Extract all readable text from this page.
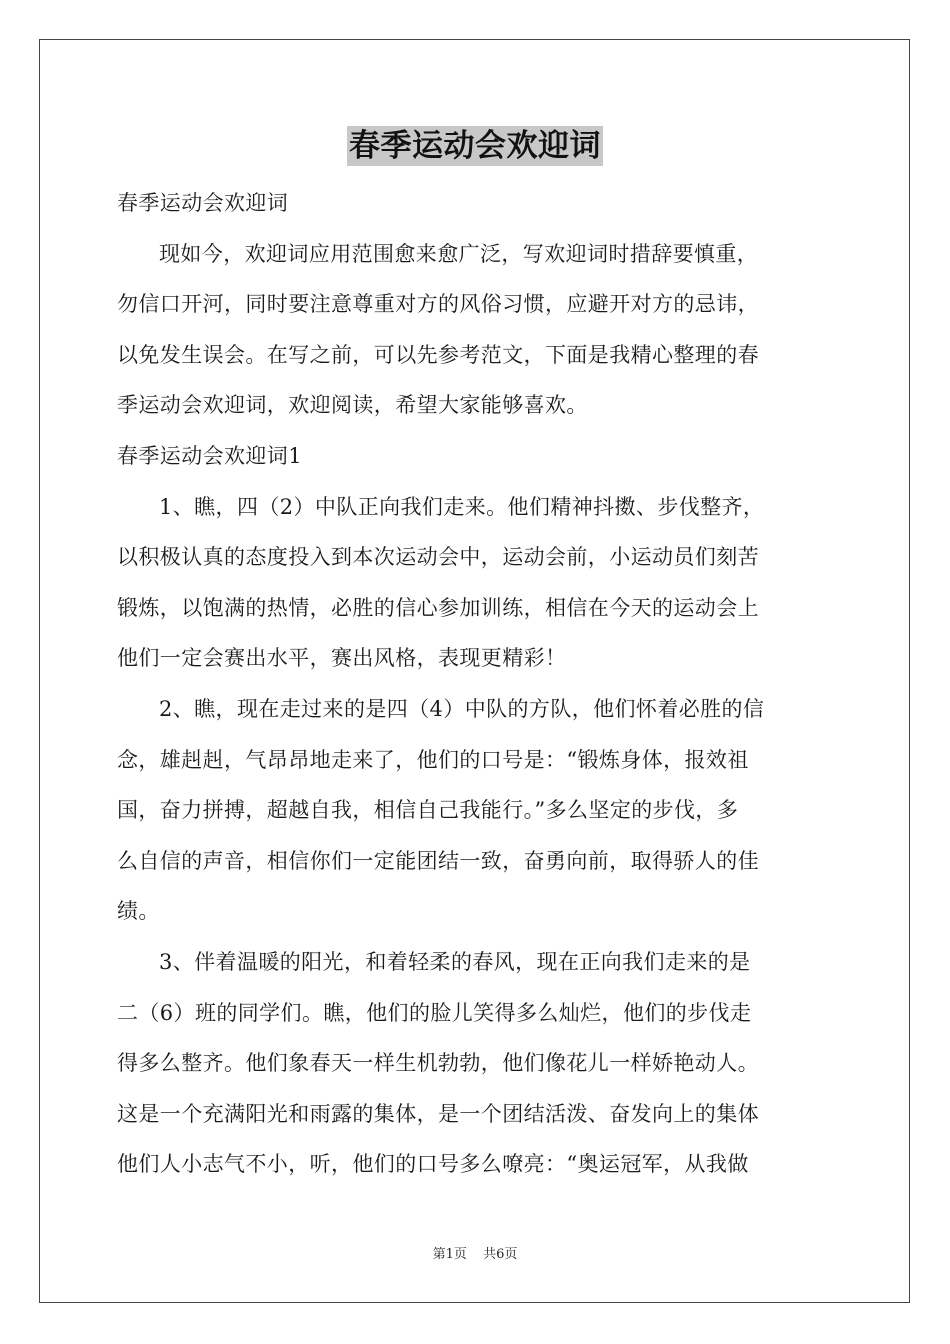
春季运动会欢迎词
春季运动会欢迎词
现如今，欢迎词应用范围愈来愈广泛，写欢迎词时措辞要慎重，
勿信口开河，同时要注意尊重对方的风俗习惯，应避开对方的忌讳，
以免发生误会。在写之前，可以先参考范文，下面是我精心整理的春
季运动会欢迎词，欢迎阅读，希望大家能够喜欢。
春季运动会欢迎词1
1、瞧，四（2）中队正向我们走来。他们精神抖擞、步伐整齐，
以积极认真的态度投入到本次运动会中，运动会前，小运动员们刻苦
锻炼，以饱满的热情，必胜的信心参加训练，相信在今天的运动会上
他们一定会赛出水平，赛出风格，表现更精彩！
2、瞧，现在走过来的是四（4）中队的方队，他们怀着必胜的信
念，雄赳赳，气昂昂地走来了，他们的口号是：“锻炼身体，报效祖
国，奋力拼搏，超越自我，相信自己我能行。”多么坚定的步伐，多
么自信的声音，相信你们一定能团结一致，奋勇向前，取得骄人的佳
绩。
3、伴着温暖的阳光，和着轻柔的春风，现在正向我们走来的是
二（6）班的同学们。瞧，他们的脸儿笑得多么灿烂，他们的步伐走
得多么整齐。他们象春天一样生机勃勃，他们像花儿一样娇艳动人。
这是一个充满阳光和雨露的集体，是一个团结活泼、奋发向上的集体
他们人小志气不小，听，他们的口号多么嘹亮：“奥运冠军，从我做
第1页 共6页
